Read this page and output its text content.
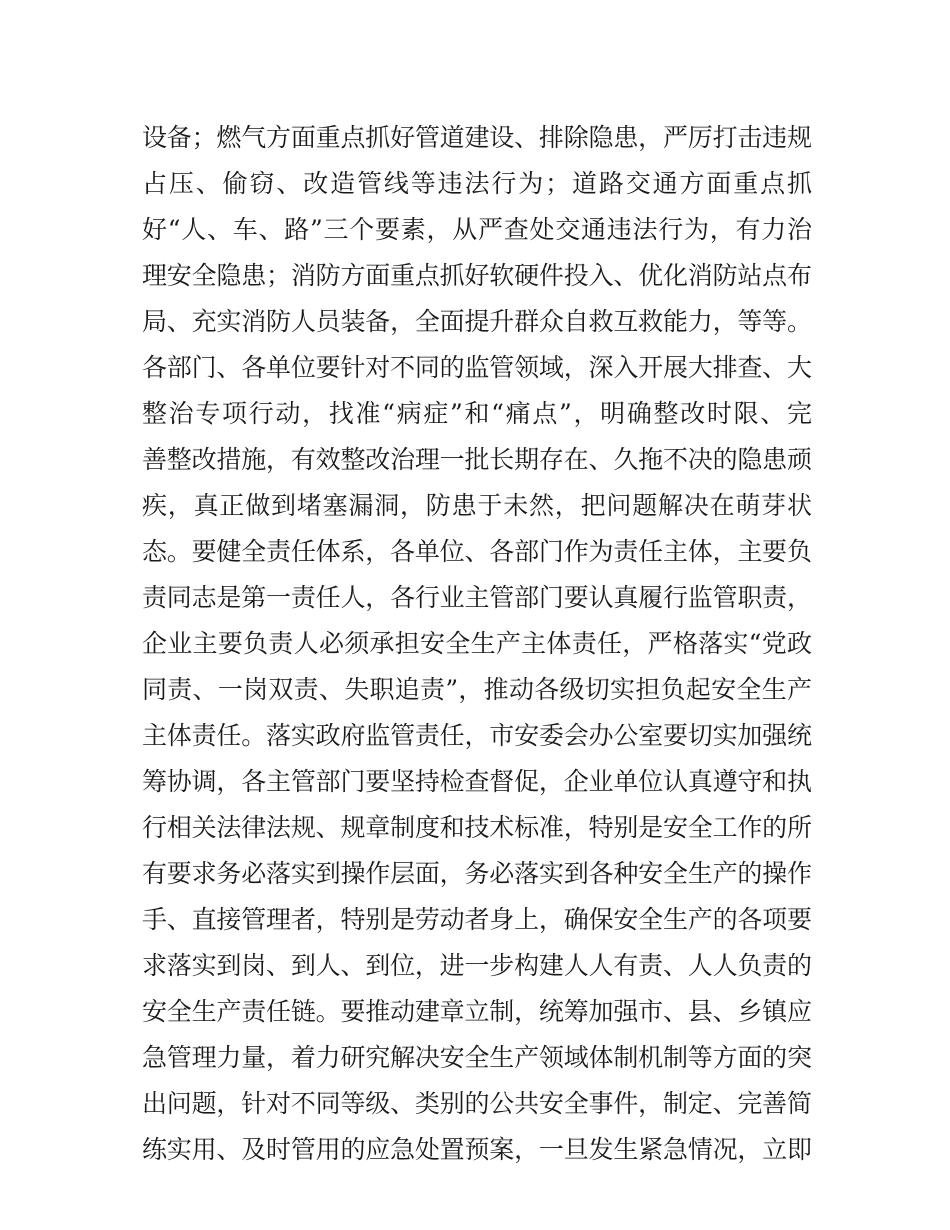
设备；燃气方面重点抓好管道建设、排除隐患，严厉打击违规
占压、偷窃、改造管线等违法行为；道路交通方面重点抓
好“人、车、路”三个要素，从严查处交通违法行为，有力治
理安全隐患；消防方面重点抓好软硬件投入、优化消防站点布
局、充实消防人员装备，全面提升群众自救互救能力，等等。
各部门、各单位要针对不同的监管领域，深入开展大排查、大
整治专项行动，找准“病症”和“痛点”，明确整改时限、完
善整改措施，有效整改治理一批长期存在、久拖不决的隐患顽
疾，真正做到堵塞漏洞，防患于未然，把问题解决在萌芽状
态。要健全责任体系，各单位、各部门作为责任主体，主要负
责同志是第一责任人，各行业主管部门要认真履行监管职责，
企业主要负责人必须承担安全生产主体责任，严格落实“党政
同责、一岗双责、失职追责”，推动各级切实担负起安全生产
主体责任。落实政府监管责任，市安委会办公室要切实加强统
筹协调，各主管部门要坚持检查督促，企业单位认真遵守和执
行相关法律法规、规章制度和技术标准，特别是安全工作的所
有要求务必落实到操作层面，务必落实到各种安全生产的操作
手、直接管理者，特别是劳动者身上，确保安全生产的各项要
求落实到岗、到人、到位，进一步构建人人有责、人人负责的
安全生产责任链。要推动建章立制，统筹加强市、县、乡镇应
急管理力量，着力研究解决安全生产领域体制机制等方面的突
出问题，针对不同等级、类别的公共安全事件，制定、完善简
练实用、及时管用的应急处置预案，一旦发生紧急情况，立即
